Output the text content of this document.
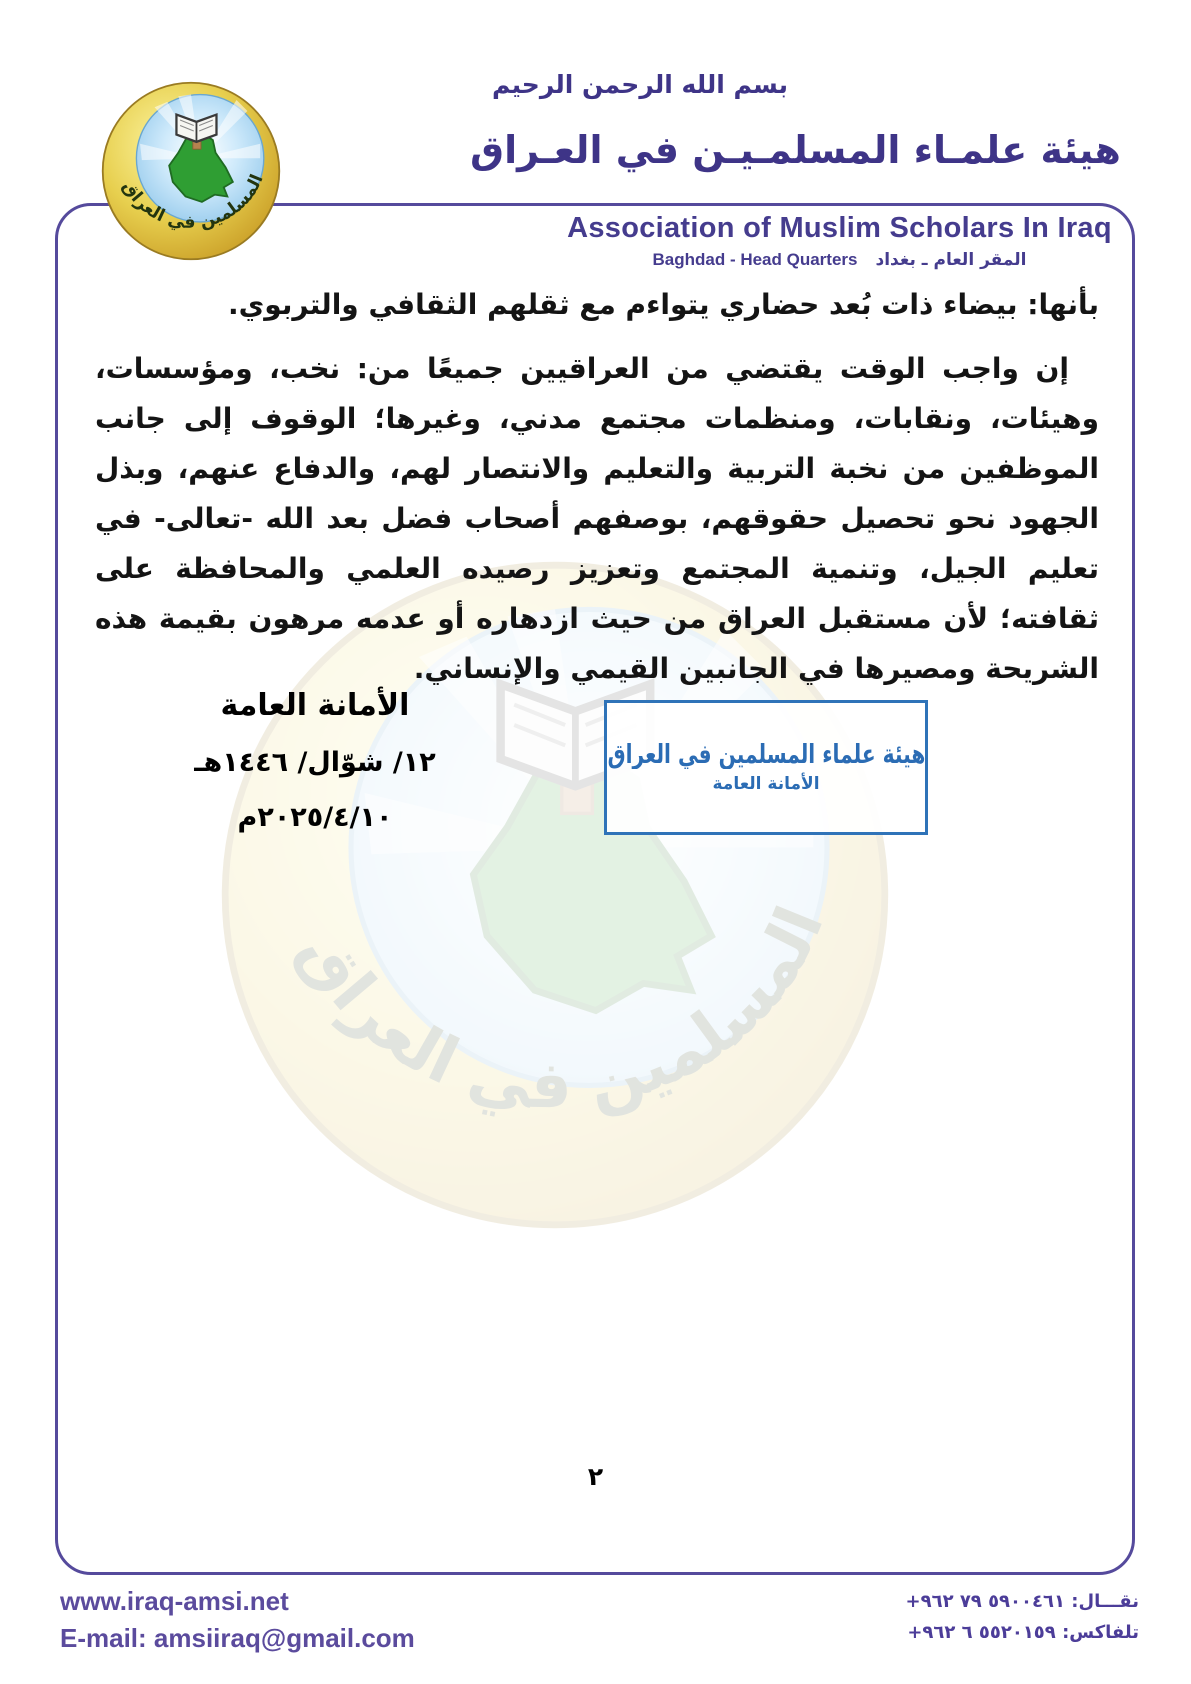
بسم الله الرحمن الرحيم
هيئة علمـاء المسلمـيـن في العـراق
Association of Muslim Scholars In Iraq
Baghdad - Head Quarters المقر العام ـ بغداد

بأنها: بيضاء ذات بُعد حضاري يتواءم مع ثقلهم الثقافي والتربوي.

إن واجب الوقت يقتضي من العراقيين جميعًا من: نخب، ومؤسسات، وهيئات، ونقابات، ومنظمات مجتمع مدني، وغيرها؛ الوقوف إلى جانب الموظفين من نخبة التربية والتعليم والانتصار لهم، والدفاع عنهم، وبذل الجهود نحو تحصيل حقوقهم، بوصفهم أصحاب فضل بعد الله -تعالى- في تعليم الجيل، وتنمية المجتمع وتعزيز رصيده العلمي والمحافظة على ثقافته؛ لأن مستقبل العراق من حيث ازدهاره أو عدمه مرهون بقيمة هذه الشريحة ومصيرها في الجانبين القيمي والإنساني.

الأمانة العامة
١٢/ شوّال/ ١٤٤٦هـ
٢٠٢٥/٤/١٠م
هيئة علماء المسلمين في العراق
الأمانة العامة
٢
www.iraq-amsi.net
E-mail: amsiiraq@gmail.com
نقـــال: +٩٦٢ ٧٩ ٥٩٠٠٤٦١
تلفاكس: +٩٦٢ ٦ ٥٥٢٠١٥٩
